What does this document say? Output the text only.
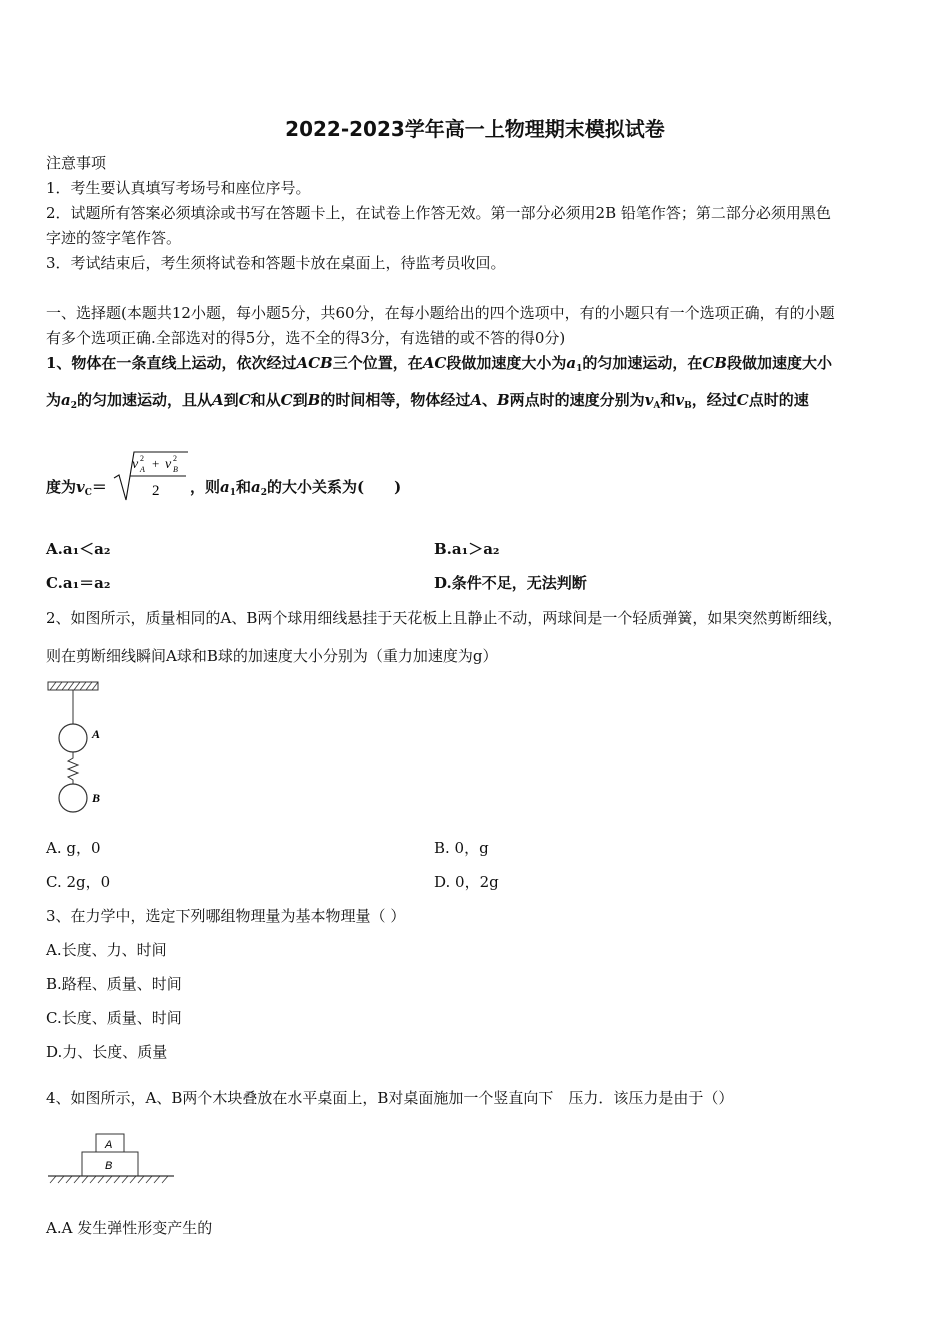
2022-2023学年高一上物理期末模拟试卷
注意事项
1．考生要认真填写考场号和座位序号。
2．试题所有答案必须填涂或书写在答题卡上，在试卷上作答无效。第一部分必须用2B 铅笔作答；第二部分必须用黑色
字迹的签字笔作答。
3．考试结束后，考生须将试卷和答题卡放在桌面上，待监考员收回。
一、选择题(本题共12小题，每小题5分，共60分，在每小题给出的四个选项中，有的小题只有一个选项正确，有的小题
有多个选项正确.全部选对的得5分，选不全的得3分，有选错的或不答的得0分)
1、物体在一条直线上运动，依次经过ACB三个位置，在AC段做加速度大小为$a_1$的匀加速运动，在CB段做加速度大小
为$a_2$的匀加速运动，且从A到C和从C到B的时间相等，物体经过A、B两点时的速度分别为$v_A$和$v_B$，经过C点时的速
度为$v_C=$
v 2
A + v 2
B
2 ，则$a_1$和$a_2$的大小关系为(　　)
A.a₁＜a₂	B.a₁＞a₂
C.a₁＝a₂	D.条件不足，无法判断
2、如图所示，质量相同的A、B两个球用细线悬挂于天花板上且静止不动，两球间是一个轻质弹簧，如果突然剪断细线，
则在剪断细线瞬间A球和B球的加速度大小分别为（重力加速度为g）
A
B
A. g，0	B. 0，g
C. 2g，0	D. 0，2g
3、在力学中，选定下列哪组物理量为基本物理量（ ）
A.长度、力、时间
B.路程、质量、时间
C.长度、质量、时间
D.力、长度、质量
4、如图所示，A、B两个木块叠放在水平桌面上，B对桌面施加一个竖直向下　压力．该压力是由于（）
A
B
A.A 发生弹性形变产生的
